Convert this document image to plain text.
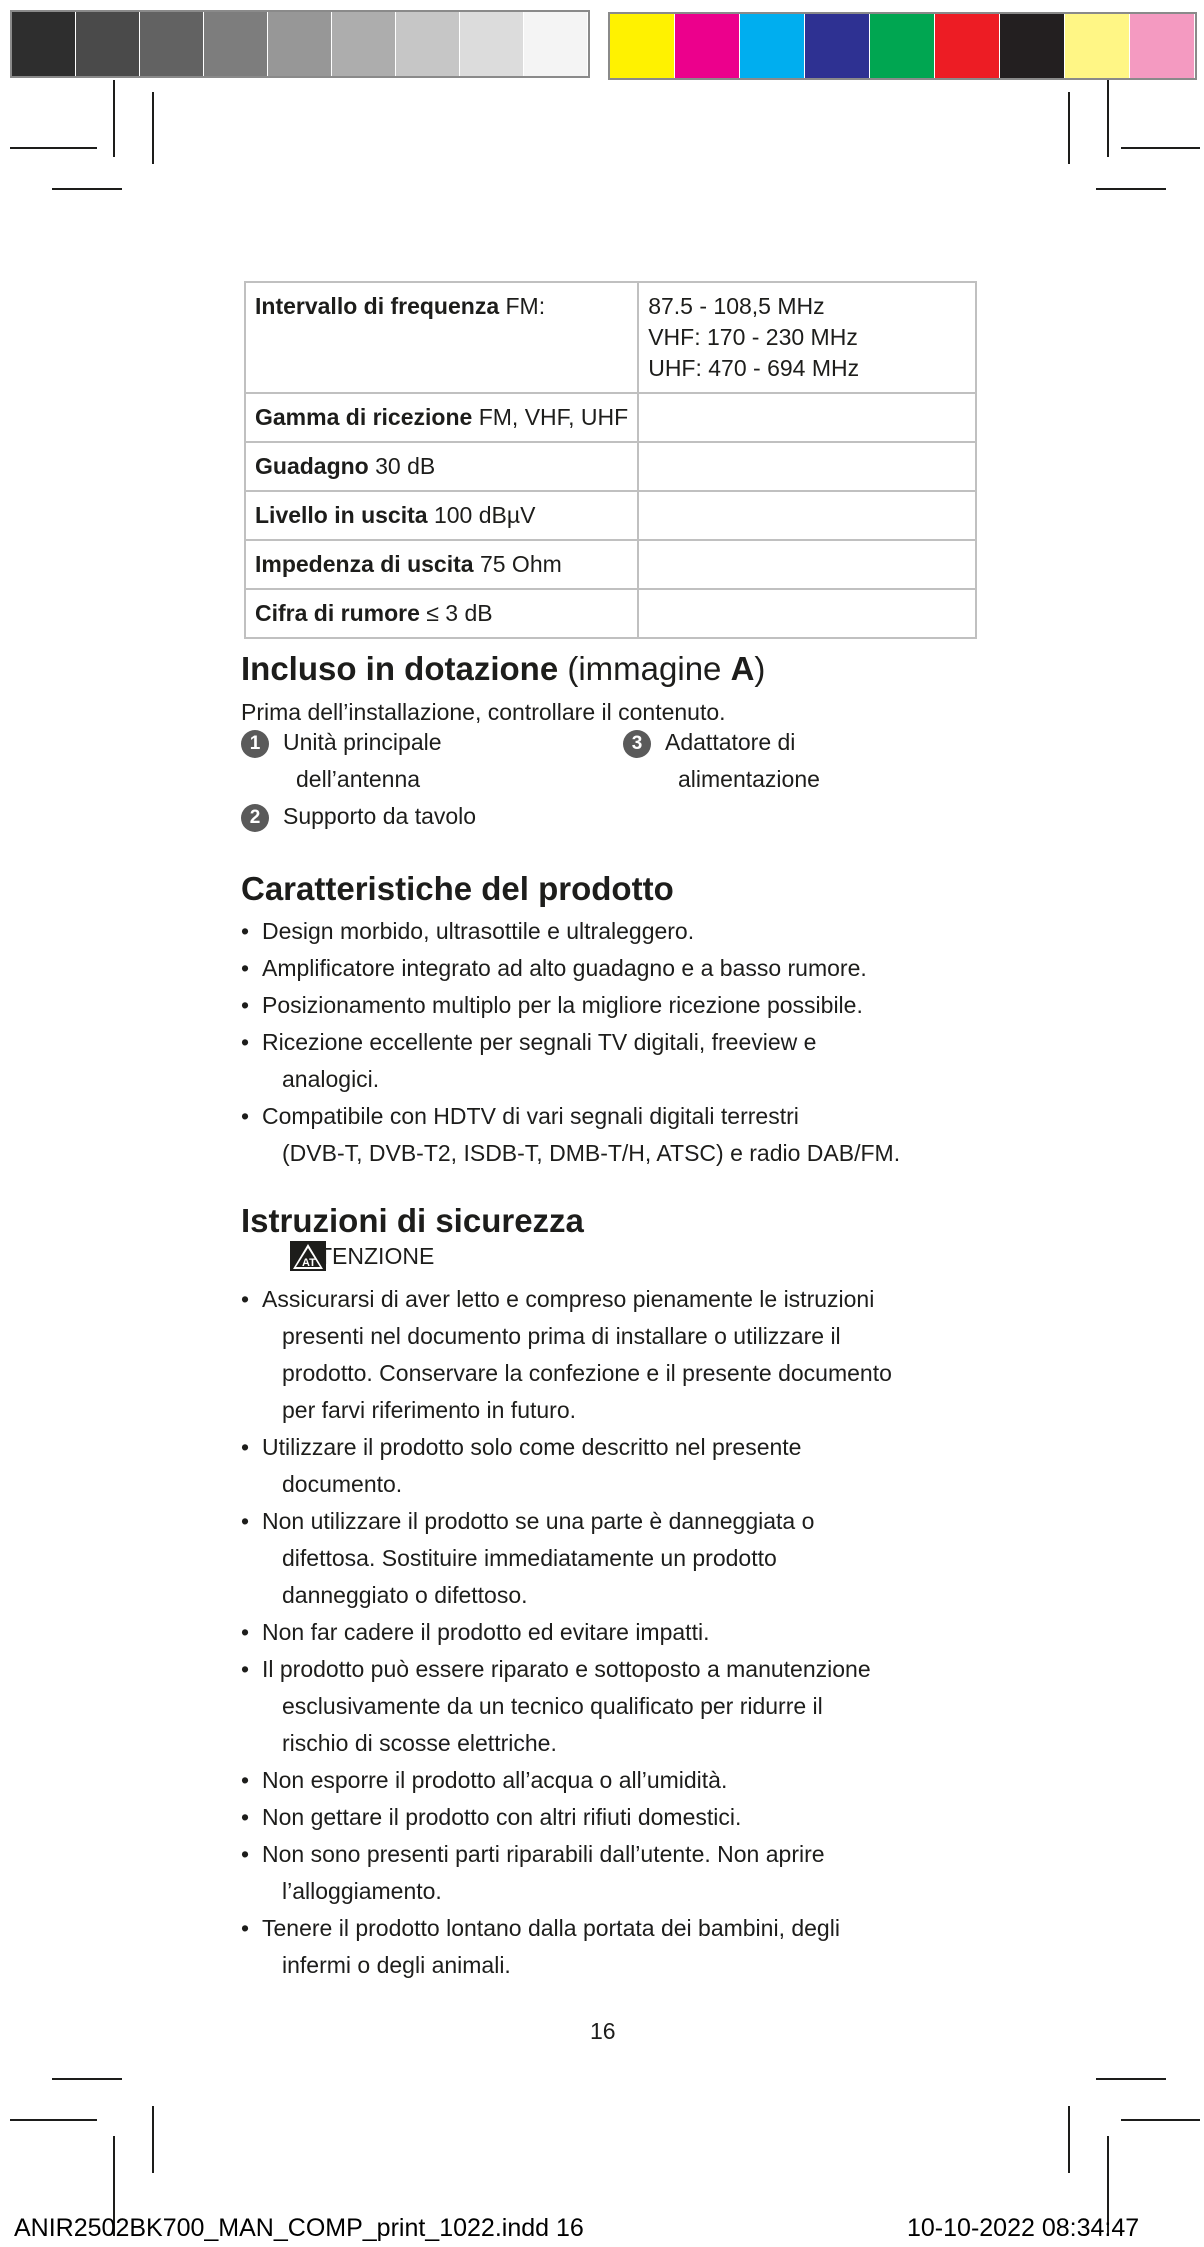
Intervallo di frequenza FM:	87.5 - 108,5 MHz
VHF: 170 - 230 MHz
UHF: 470 - 694 MHz

Gamma di ricezione FM, VHF, UHF	
Guadagno 30 dB	
Livello in uscita 100 dBµV	
Impedenza di uscita 75 Ohm	
Cifra di rumore ≤ 3 dB	
Incluso in dotazione (immagine A)

Prima dell’installazione, controllare il contenuto.

1 Unità principale
dell’antenna
2 Supporto da tavolo
3 Adattatore di
alimentazione
Caratteristiche del prodotto
• Design morbido, ultrasottile e ultraleggero.
• Amplificatore integrato ad alto guadagno e a basso rumore.
• Posizionamento multiplo per la migliore ricezione possibile.
• Ricezione eccellente per segnali TV digitali, freeview e
analogici.
• Compatibile con HDTV di vari segnali digitali terrestri
(DVB-T, DVB-T2, ISDB-T, DMB-T/H, ATSC) e radio DAB/FM.
Istruzioni di sicurezza
AT TENZIONE
• Assicurarsi di aver letto e compreso pienamente le istruzioni
presenti nel documento prima di installare o utilizzare il
prodotto. Conservare la confezione e il presente documento
per farvi riferimento in futuro.
• Utilizzare il prodotto solo come descritto nel presente
documento.
• Non utilizzare il prodotto se una parte è danneggiata o
difettosa. Sostituire immediatamente un prodotto
danneggiato o difettoso.
• Non far cadere il prodotto ed evitare impatti.
• Il prodotto può essere riparato e sottoposto a manutenzione
esclusivamente da un tecnico qualificato per ridurre il
rischio di scosse elettriche.
• Non esporre il prodotto all’acqua o all’umidità.
• Non gettare il prodotto con altri rifiuti domestici.
• Non sono presenti parti riparabili dall’utente. Non aprire
l’alloggiamento.
• Tenere il prodotto lontano dalla portata dei bambini, degli
infermi o degli animali.
16
ANIR2502BK700_MAN_COMP_print_1022.indd 16	10-10-2022 08:34:47
